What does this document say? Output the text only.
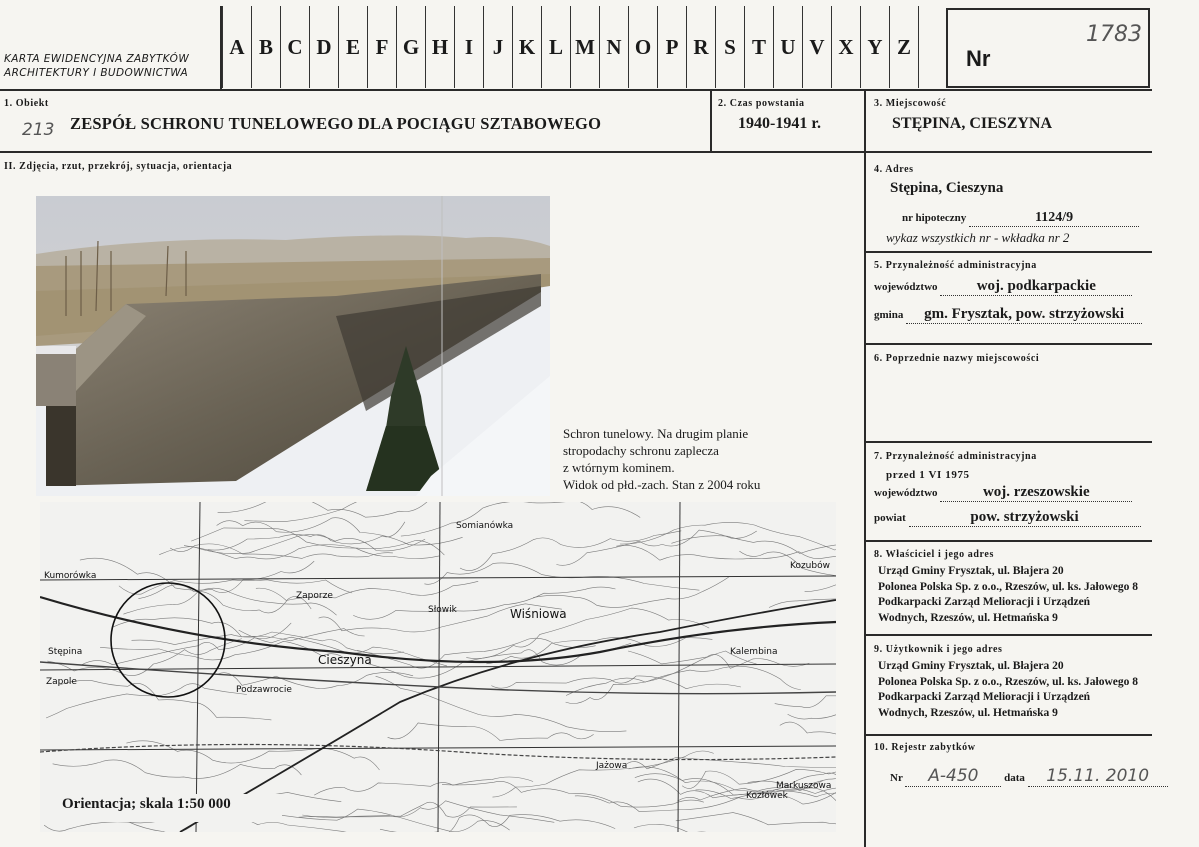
KARTA EWIDENCYJNA ZABYTKÓW
ARCHITEKTURY I BUDOWNICTWA
A B C D E F G H I J K L M N O P R S T U V X Y Z	Nr
1783
1. Obiekt
213 ZESPÓŁ SCHRONU TUNELOWEGO DLA POCIĄGU SZTABOWEGO
2. Czas powstania
1940-1941 r.
3. Miejscowość
STĘPINA, CIESZYNA
II. Zdjęcia, rzut, przekrój, sytuacja, orientacja
Schron tunelowy. Na drugim planie
stropodachy schronu zaplecza
z wtórnym kominem.
Widok od płd.-zach. Stan z 2004 roku
Kumorówka
Somianówka
Zaporze
Słowik	Wiśniowa
Stępina
Cieszyna
Zapole
Podzawrocie
Kalembina
Kozłówek
Markuszowa
Jażowa
Kozubów
Orientacja; skala 1:50 000
4. Adres
Stępina, Cieszyna
nr hipoteczny	1124/9
wykaz wszystkich nr - wkładka nr 2
5. Przynależność administracyjna
województwo	woj. podkarpackie
gmina gm. Frysztak, pow. strzyżowski
6. Poprzednie nazwy miejscowości
7. Przynależność administracyjna
przed 1 VI 1975
województwo	woj. rzeszowskie
powiat	pow. strzyżowski
8. Właściciel i jego adres
Urząd Gminy Frysztak, ul. Błajera 20
Polonea Polska Sp. z o.o., Rzeszów, ul. ks. Jałowego 8
Podkarpacki Zarząd Melioracji i Urządzeń
Wodnych, Rzeszów, ul. Hetmańska 9
9. Użytkownik i jego adres
Urząd Gminy Frysztak, ul. Błajera 20
Polonea Polska Sp. z o.o., Rzeszów, ul. ks. Jałowego 8
Podkarpacki Zarząd Melioracji i Urządzeń
Wodnych, Rzeszów, ul. Hetmańska 9
10. Rejestr zabytków
Nr A-450 data 15.11. 2010
